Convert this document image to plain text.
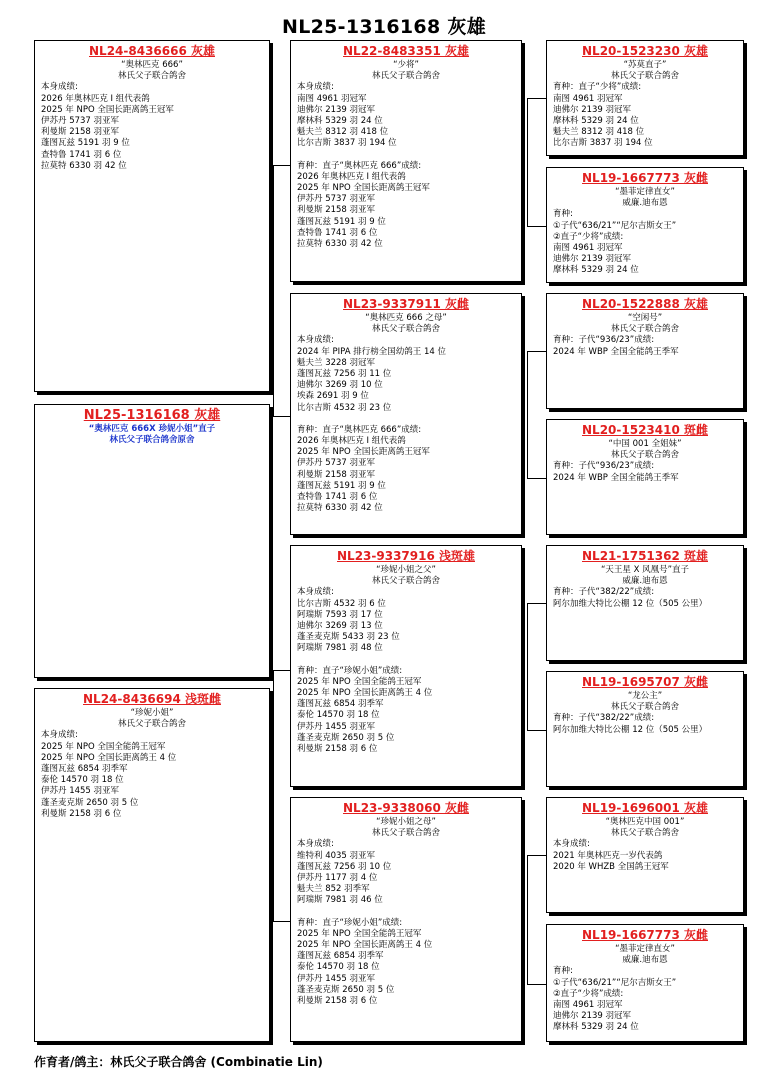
NL25-1316168 灰雄
NL24-8436666 灰雄
“奥林匹克 666”
林氏父子联合鸽舍
本身成绩:
2026 年奥林匹克 I 组代表鸽
2025 年 NPO 全国长距离鸽王冠军
伊苏丹 5737 羽亚军
利曼斯 2158 羽亚军
蓬图瓦兹 5191 羽 9 位
查特鲁 1741 羽 6 位
拉莫特 6330 羽 42 位
NL25-1316168 灰雄
“奥林匹克 666X 珍妮小姐”直子
林氏父子联合鸽舍原舍
NL24-8436694 浅斑雌
“珍妮小姐”
林氏父子联合鸽舍
本身成绩:
2025 年 NPO 全国全能鸽王冠军
2025 年 NPO 全国长距离鸽王 4 位
蓬图瓦兹 6854 羽季军
泰伦 14570 羽 18 位
伊苏丹 1455 羽亚军
蓬圣麦克斯 2650 羽 5 位
利曼斯 2158 羽 6 位
NL22-8483351 灰雄
“少将”
林氏父子联合鸽舍
本身成绩:
南图 4961 羽冠军
迪佛尔 2139 羽冠军
摩林科 5329 羽 24 位
魁夫兰 8312 羽 418 位
比尔吉斯 3837 羽 194 位
育种：直子“奥林匹克 666”成绩:
2026 年奥林匹克 I 组代表鸽
2025 年 NPO 全国长距离鸽王冠军
伊苏丹 5737 羽亚军
利曼斯 2158 羽亚军
蓬图瓦兹 5191 羽 9 位
查特鲁 1741 羽 6 位
拉莫特 6330 羽 42 位
NL23-9337911 灰雌
“奥林匹克 666 之母”
林氏父子联合鸽舍
本身成绩:
2024 年 PIPA 排行榜全国幼鸽王 14 位
魁夫兰 3228 羽冠军
蓬图瓦兹 7256 羽 11 位
迪佛尔 3269 羽 10 位
埃森 2691 羽 9 位
比尔吉斯 4532 羽 23 位
育种：直子“奥林匹克 666”成绩:
2026 年奥林匹克 I 组代表鸽
2025 年 NPO 全国长距离鸽王冠军
伊苏丹 5737 羽亚军
利曼斯 2158 羽亚军
蓬图瓦兹 5191 羽 9 位
查特鲁 1741 羽 6 位
拉莫特 6330 羽 42 位
NL23-9337916 浅斑雄
“珍妮小姐之父”
林氏父子联合鸽舍
本身成绩:
比尔吉斯 4532 羽 6 位
阿瑞斯 7593 羽 17 位
迪佛尔 3269 羽 13 位
蓬圣麦克斯 5433 羽 23 位
阿瑞斯 7981 羽 48 位
育种：直子“珍妮小姐”成绩:
2025 年 NPO 全国全能鸽王冠军
2025 年 NPO 全国长距离鸽王 4 位
蓬图瓦兹 6854 羽季军
泰伦 14570 羽 18 位
伊苏丹 1455 羽亚军
蓬圣麦克斯 2650 羽 5 位
利曼斯 2158 羽 6 位
NL23-9338060 灰雌
“珍妮小姐之母”
林氏父子联合鸽舍
本身成绩:
维特利 4035 羽亚军
蓬图瓦兹 7256 羽 10 位
伊苏丹 1177 羽 4 位
魁夫兰 852 羽季军
阿瑞斯 7981 羽 46 位
育种：直子“珍妮小姐”成绩:
2025 年 NPO 全国全能鸽王冠军
2025 年 NPO 全国长距离鸽王 4 位
蓬图瓦兹 6854 羽季军
泰伦 14570 羽 18 位
伊苏丹 1455 羽亚军
蓬圣麦克斯 2650 羽 5 位
利曼斯 2158 羽 6 位
NL20-1523230 灰雄
“苏莫直子”
林氏父子联合鸽舍
育种：直子“少将”成绩:
南图 4961 羽冠军
迪佛尔 2139 羽冠军
摩林科 5329 羽 24 位
魁夫兰 8312 羽 418 位
比尔吉斯 3837 羽 194 位
NL19-1667773 灰雌
“墨菲定律直女”
威廉.迪布恩
育种:
①子代“636/21”“尼尔吉斯女王”
②直子“少将”成绩:
南图 4961 羽冠军
迪佛尔 2139 羽冠军
摩林科 5329 羽 24 位
NL20-1522888 灰雄
“空闲号”
林氏父子联合鸽舍
育种：子代“936/23”成绩:
2024 年 WBP 全国全能鸽王季军
NL20-1523410 斑雌
“中国 001 全姐妹”
林氏父子联合鸽舍
育种：子代“936/23”成绩:
2024 年 WBP 全国全能鸽王季军
NL21-1751362 斑雄
“天王星 X 风凰号”直子
威廉.迪布恩
育种：子代“382/22”成绩:
阿尔加维大特比公棚 12 位（505 公里）
NL19-1695707 灰雌
“龙公主”
林氏父子联合鸽舍
育种：子代“382/22”成绩:
阿尔加维大特比公棚 12 位（505 公里）
NL19-1696001 灰雄
“奥林匹克中国 001”
林氏父子联合鸽舍
本身成绩:
2021 年奥林匹克一岁代表鸽
2020 年 WHZB 全国鸽王冠军
NL19-1667773 灰雌
“墨菲定律直女”
威廉.迪布恩
育种:
①子代“636/21”“尼尔吉斯女王”
②直子“少将”成绩:
南图 4961 羽冠军
迪佛尔 2139 羽冠军
摩林科 5329 羽 24 位
作育者/鸽主：林氏父子联合鸽舍 (Combinatie Lin)
